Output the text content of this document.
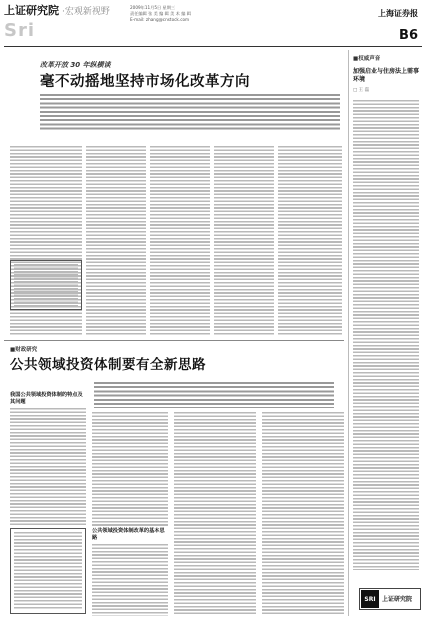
上证研究院 ·宏观新视野
Sri
2009年11月5日 星期三
责任编辑 张 美 编 辑 美 术 编 辑
E-mail: zhang@cnstock.com
上海证券报
B6
改革开放 30 年纵横谈
毫不动摇地坚持市场化改革方向
■财政研究
公共领域投资体制要有全新思路
我国公共领域投资体制的特点及其问题
公共领域投资体制改革的基本思路
■权威声音
加强启业与住房法上需事环境
□ 王 磊
SRI	上证研究院
